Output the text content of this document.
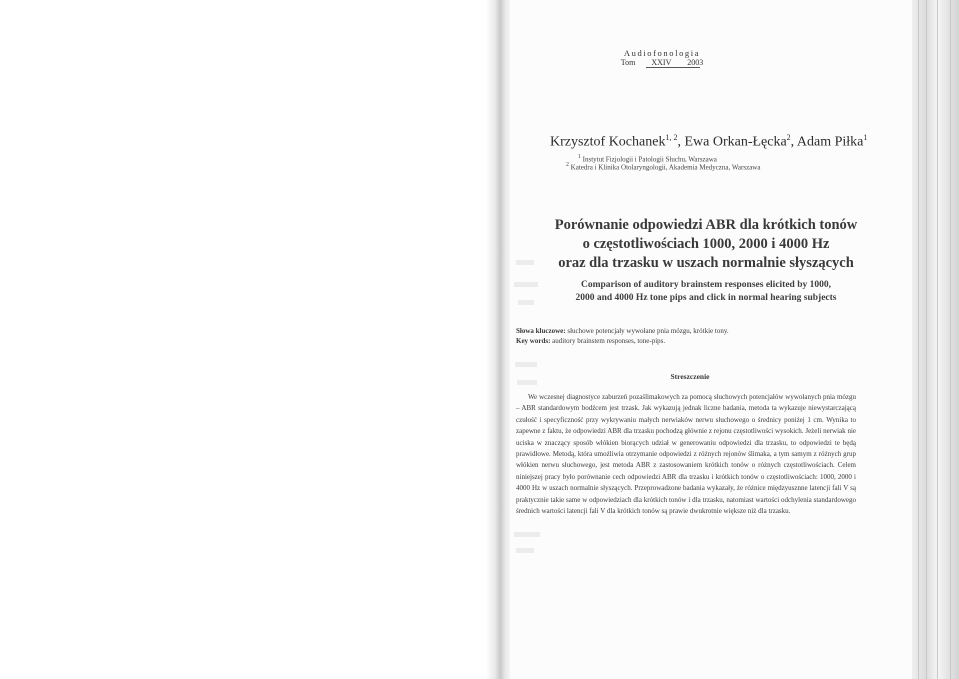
Audiofonologia
Tom XXIV 2003
Krzysztof Kochanek$^{1, 2}$, Ewa Orkan-Łęcka$^2$, Adam Piłka$^1$
$^1$ Instytut Fizjologii i Patologii Słuchu, Warszawa
$^2$ Katedra i Klinika Otolaryngologii, Akademia Medyczna, Warszawa
Porównanie odpowiedzi ABR dla krótkich tonów
o częstotliwościach 1000, 2000 i 4000 Hz
oraz dla trzasku w uszach normalnie słyszących
Comparison of auditory brainstem responses elicited by 1000,
2000 and 4000 Hz tone pips and click in normal hearing subjects
Słowa kluczowe: słuchowe potencjały wywołane pnia mózgu, krótkie tony.
Key words: auditory brainstem responses, tone-pips.
Streszczenie
We wczesnej diagnostyce zaburzeń pozaślimakowych za pomocą słuchowych potencjałów wywołanych pnia mózgu – ABR standardowym bodźcem jest trzask. Jak wykazują jednak liczne badania, metoda ta wykazuje niewystarczającą czułość i specyficzność przy wykrywaniu małych nerwiaków nerwu słuchowego o średnicy poniżej 1 cm. Wynika to zapewne z faktu, że odpowiedzi ABR dla trzasku pochodzą głównie z rejonu częstotliwości wysokich. Jeżeli nerwiak nie uciska w znaczący sposób włókien biorących udział w generowaniu odpowiedzi dla trzasku, to odpowiedzi te będą prawidłowe. Metodą, która umożliwia otrzymanie odpowiedzi z różnych rejonów ślimaka, a tym samym z różnych grup włókien nerwu słuchowego, jest metoda ABR z zastosowaniem krótkich tonów o różnych częstotliwościach. Celem niniejszej pracy było porównanie cech odpowiedzi ABR dla trzasku i krótkich tonów o częstotliwościach: 1000, 2000 i 4000 Hz w uszach normalnie słyszących. Przeprowadzone badania wykazały, że różnice międzyusznne latencji fali V są praktycznie takie same w odpowiedziach dla krótkich tonów i dla trzasku, natomiast wartości odchylenia standardowego średnich wartości latencji fali V dla krótkich tonów są prawie dwukrotnie większe niż dla trzasku.
